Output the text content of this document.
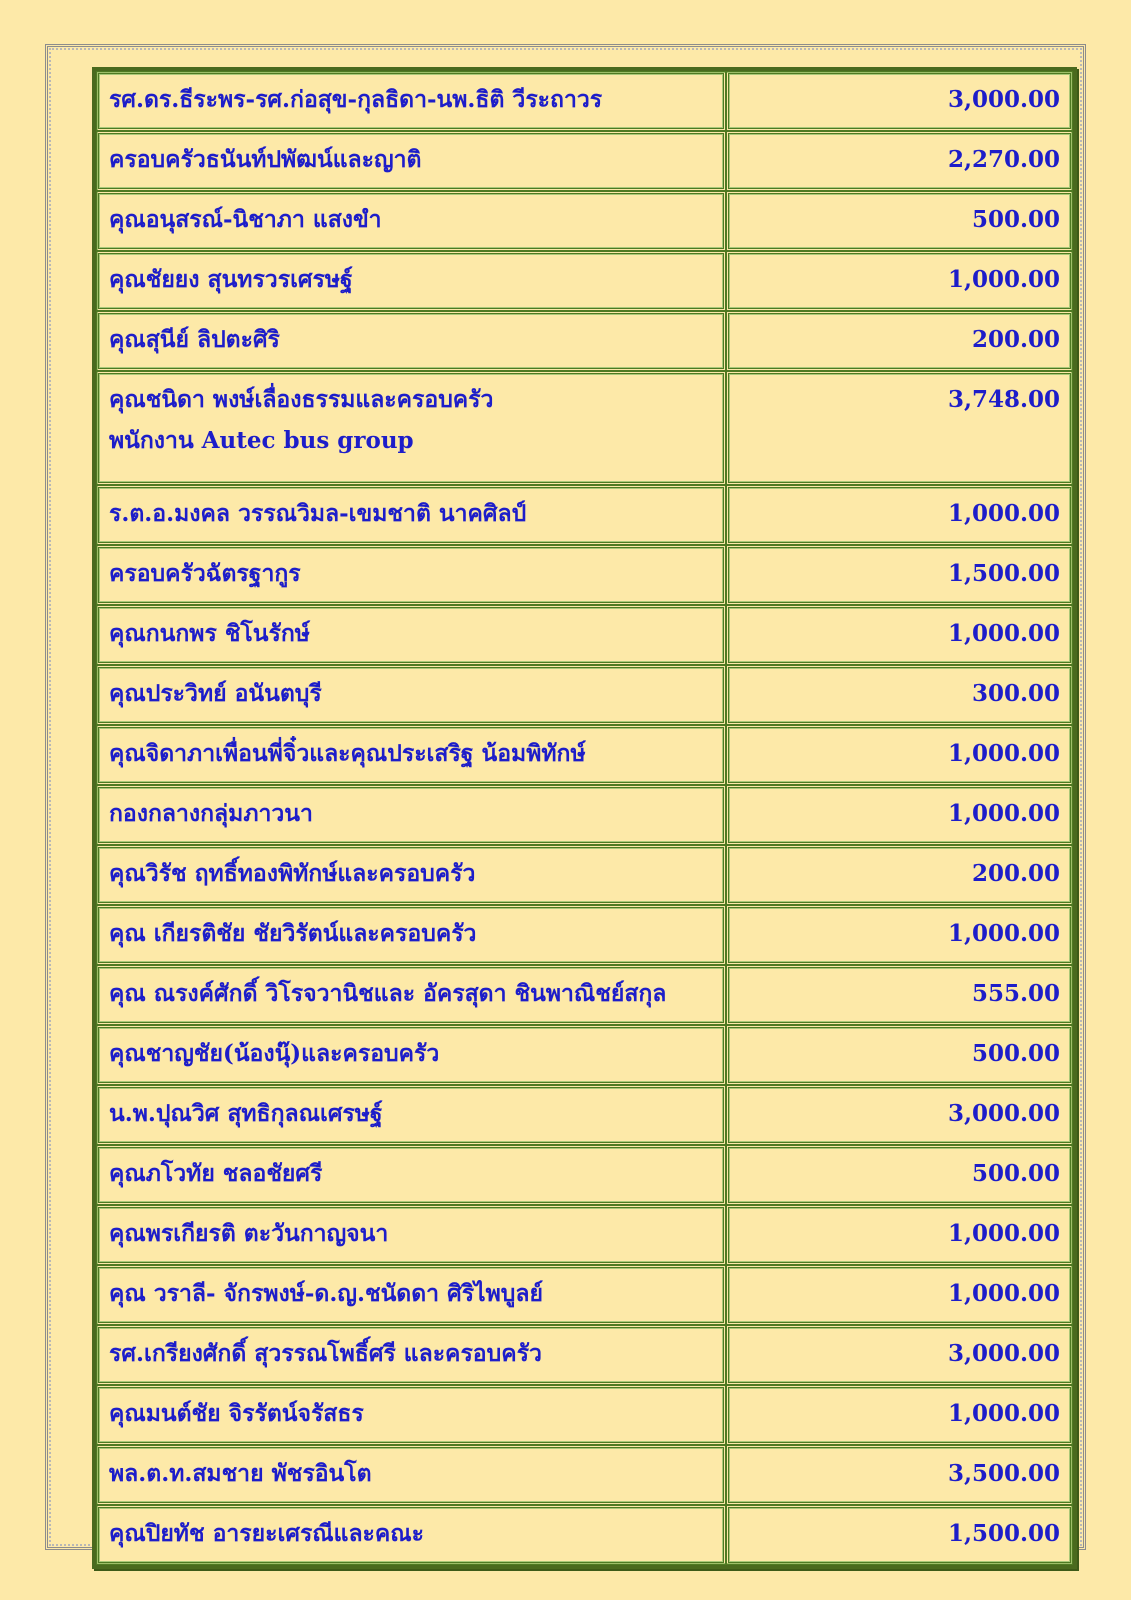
รศ.ดร.ธีระพร-รศ.ก่อสุข-กุลธิดา-นพ.ธิติ วีระถาวร	3,000.00
ครอบครัวธนันท์ปพัฒน์และญาติ	2,270.00
คุณอนุสรณ์-นิชาภา แสงขำ	500.00
คุณชัยยง สุนทรวรเศรษฐ์	1,000.00
คุณสุนีย์ ลิปตะศิริ	200.00
คุณชนิดา พงษ์เลื่องธรรมและครอบครัว
พนักงาน Autec bus group	3,748.00
ร.ต.อ.มงคล วรรณวิมล-เขมชาติ นาคศิลป์	1,000.00
ครอบครัวฉัตรฐากูร	1,500.00
คุณกนกพร ชิโนรักษ์	1,000.00
คุณประวิทย์ อนันตบุรี	300.00
คุณจิดาภาเพื่อนพี่จิ๋วและคุณประเสริฐ น้อมพิทักษ์	1,000.00
กองกลางกลุ่มภาวนา	1,000.00
คุณวิรัช ฤทธิ์ทองพิทักษ์และครอบครัว	200.00
คุณ เกียรติชัย ชัยวิรัตน์และครอบครัว	1,000.00
คุณ ณรงค์ศักดิ์ วิโรจวานิชและ อัครสุดา ชินพาณิชย์สกุล	555.00
คุณชาญชัย(น้องนุ๊)และครอบครัว	500.00
น.พ.ปุณวิศ สุทธิกุลณเศรษฐ์	3,000.00
คุณภโวทัย ชลอชัยศรี	500.00
คุณพรเกียรติ ตะวันกาญจนา	1,000.00
คุณ วราลี- จักรพงษ์-ด.ญ.ชนัดดา ศิริไพบูลย์	1,000.00
รศ.เกรียงศักดิ์ สุวรรณโพธิ์ศรี และครอบครัว	3,000.00
คุณมนต์ชัย จิรรัตน์จรัสธร	1,000.00
พล.ต.ท.สมชาย พัชรอินโต	3,500.00
คุณปิยทัช อารยะเศรณีและคณะ	1,500.00
